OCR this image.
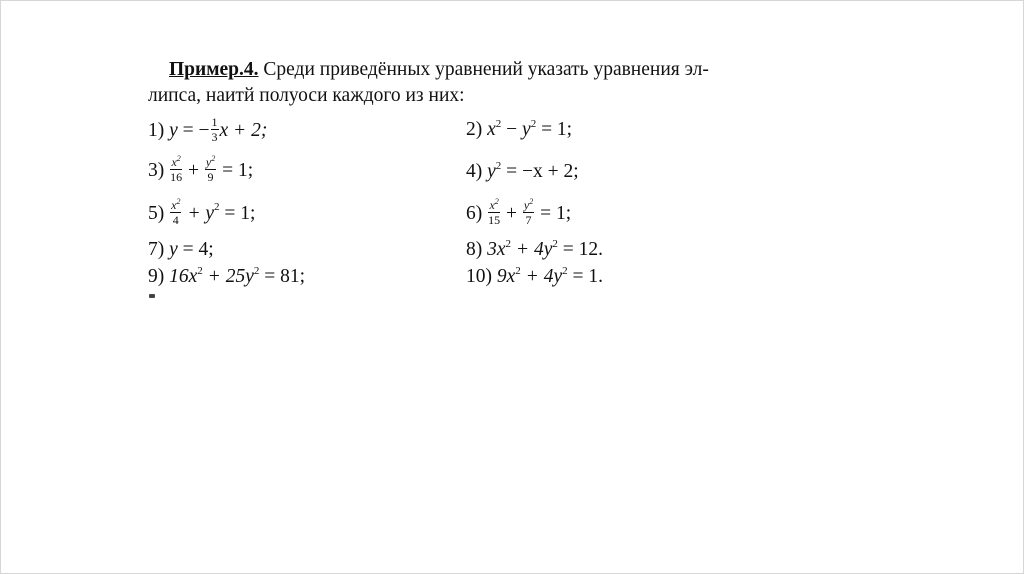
Пример.4. Среди приведённых уравнений указать уравнения эл-
липса, наитй полуоси каждого из них:
1) y = − $\frac{1}{3}$ x + 2;	2) $x^2 - y^2 = 1$;
$3) \frac{x^2}{16} + \frac{y^2}{9} = 1$;	4) $y^2 = -x + 2$;
$5) \frac{x^2}{4} + y^2 = 1$;	$6) \frac{x^2}{15} + \frac{y^2}{7} = 1$;
7) y = 4;	8) $3x^2 + 4y^2 = 12$.
9) $16x^2 + 25y^2 = 81$;	10) $9x^2 + 4y^2 = 1$.
